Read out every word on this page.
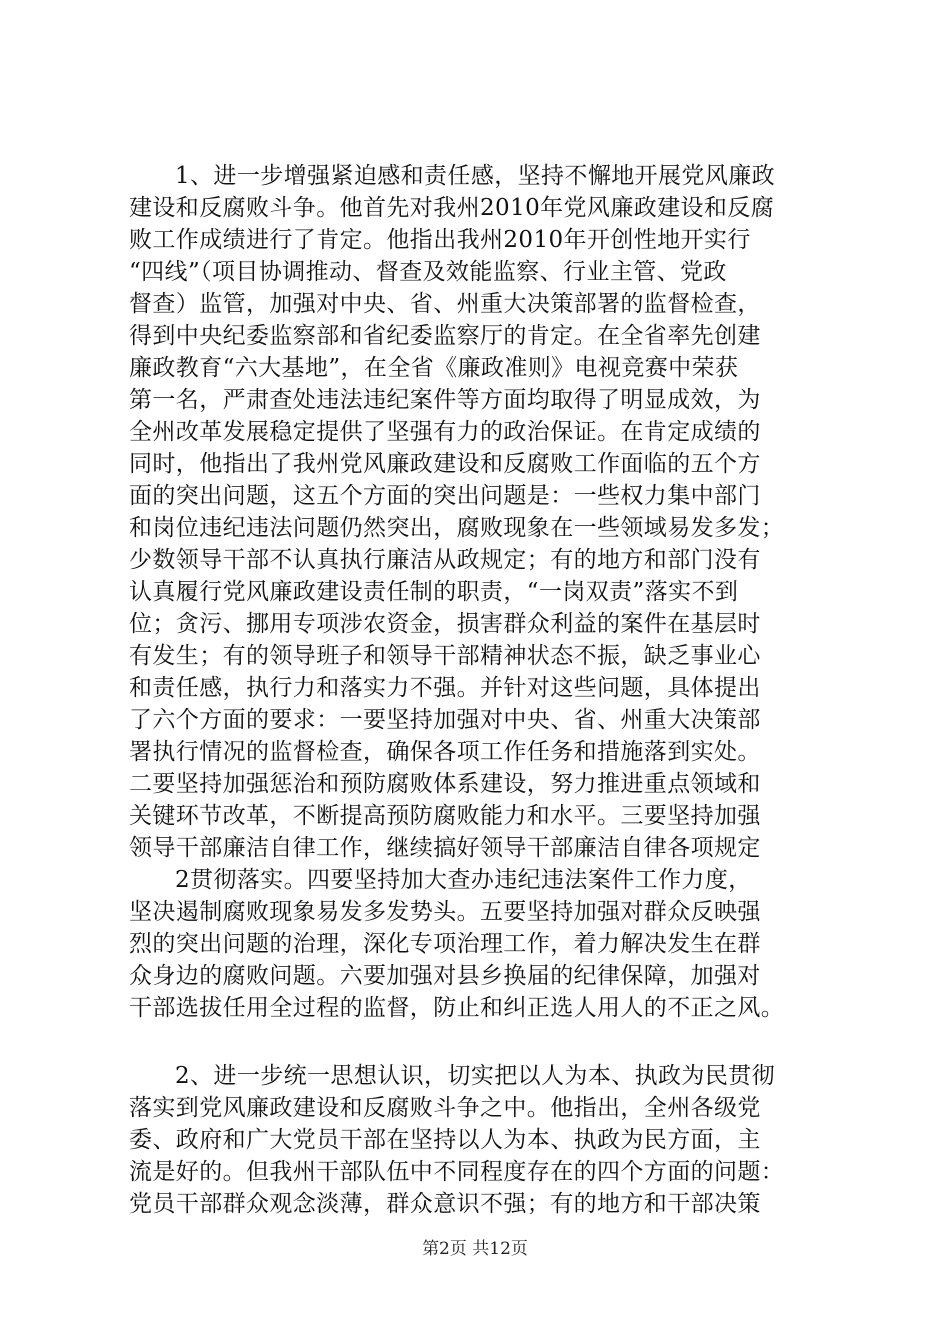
1、进一步增强紧迫感和责任感，坚持不懈地开展党风廉政
建设和反腐败斗争。他首先对我州2010年党风廉政建设和反腐
败工作成绩进行了肯定。他指出我州2010年开创性地开实行
“四线”（项目协调推动、督查及效能监察、行业主管、党政
督查）监管，加强对中央、省、州重大决策部署的监督检查，
得到中央纪委监察部和省纪委监察厅的肯定。在全省率先创建
廉政教育“六大基地”，在全省《廉政准则》电视竞赛中荣获
第一名，严肃查处违法违纪案件等方面均取得了明显成效，为
全州改革发展稳定提供了坚强有力的政治保证。在肯定成绩的
同时，他指出了我州党风廉政建设和反腐败工作面临的五个方
面的突出问题，这五个方面的突出问题是：一些权力集中部门
和岗位违纪违法问题仍然突出，腐败现象在一些领域易发多发；
少数领导干部不认真执行廉洁从政规定；有的地方和部门没有
认真履行党风廉政建设责任制的职责，“一岗双责”落实不到
位；贪污、挪用专项涉农资金，损害群众利益的案件在基层时
有发生；有的领导班子和领导干部精神状态不振，缺乏事业心
和责任感，执行力和落实力不强。并针对这些问题，具体提出
了六个方面的要求：一要坚持加强对中央、省、州重大决策部
署执行情况的监督检查，确保各项工作任务和措施落到实处。
二要坚持加强惩治和预防腐败体系建设，努力推进重点领域和
关键环节改革，不断提高预防腐败能力和水平。三要坚持加强
领导干部廉洁自律工作，继续搞好领导干部廉洁自律各项规定
2贯彻落实。四要坚持加大查办违纪违法案件工作力度，
坚决遏制腐败现象易发多发势头。五要坚持加强对群众反映强
烈的突出问题的治理，深化专项治理工作，着力解决发生在群
众身边的腐败问题。六要加强对县乡换届的纪律保障，加强对
干部选拔任用全过程的监督，防止和纠正选人用人的不正之风。
2、进一步统一思想认识，切实把以人为本、执政为民贯彻
落实到党风廉政建设和反腐败斗争之中。他指出，全州各级党
委、政府和广大党员干部在坚持以人为本、执政为民方面，主
流是好的。但我州干部队伍中不同程度存在的四个方面的问题：
党员干部群众观念淡薄，群众意识不强；有的地方和干部决策
第2页 共12页
